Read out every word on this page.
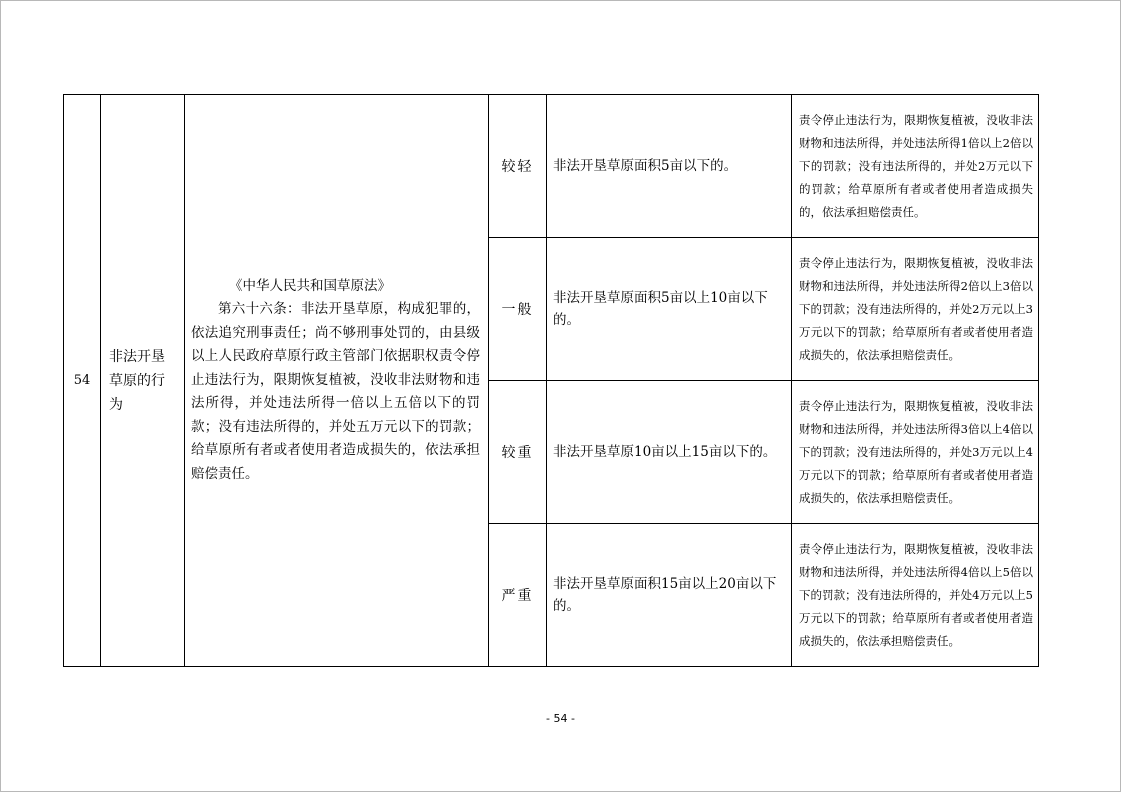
54	非法开垦草原的行为	《中华人民共和国草原法》
第六十六条：非法开垦草原，构成犯罪的，依法追究刑事责任；尚不够刑事处罚的，由县级以上人民政府草原行政主管部门依据职权责令停止违法行为，限期恢复植被，没收非法财物和违法所得，并处违法所得一倍以上五倍以下的罚款；没有违法所得的，并处五万元以下的罚款；给草原所有者或者使用者造成损失的，依法承担赔偿责任。	较轻	非法开垦草原面积5亩以下的。	责令停止违法行为，限期恢复植被，没收非法财物和违法所得，并处违法所得1倍以上2倍以下的罚款；没有违法所得的，并处2万元以下的罚款；给草原所有者或者使用者造成损失的，依法承担赔偿责任。

			一般	非法开垦草原面积5亩以上10亩以下的。	责令停止违法行为，限期恢复植被，没收非法财物和违法所得，并处违法所得2倍以上3倍以下的罚款；没有违法所得的，并处2万元以上3万元以下的罚款；给草原所有者或者使用者造成损失的，依法承担赔偿责任。

			较重	非法开垦草原10亩以上15亩以下的。	责令停止违法行为，限期恢复植被，没收非法财物和违法所得，并处违法所得3倍以上4倍以下的罚款；没有违法所得的，并处3万元以上4万元以下的罚款；给草原所有者或者使用者造成损失的，依法承担赔偿责任。

			严重	非法开垦草原面积15亩以上20亩以下的。	责令停止违法行为，限期恢复植被，没收非法财物和违法所得，并处违法所得4倍以上5倍以下的罚款；没有违法所得的，并处4万元以上5万元以下的罚款；给草原所有者或者使用者造成损失的，依法承担赔偿责任。
- 54 -
